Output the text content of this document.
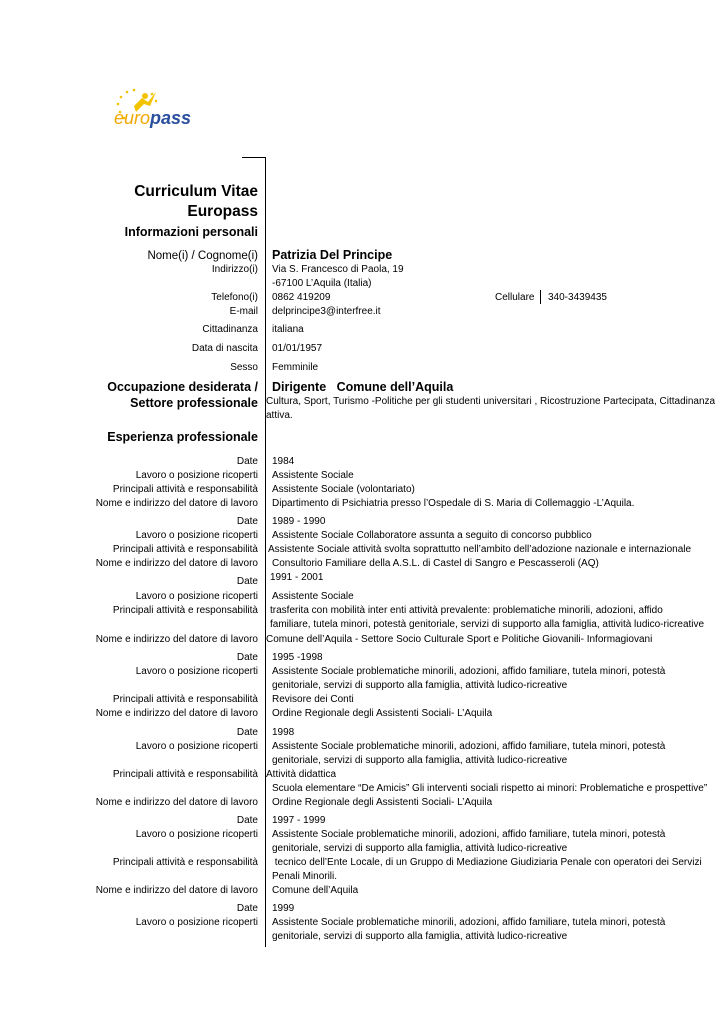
europass
Curriculum Vitae
Europass
Informazioni personali
Nome(i) / Cognome(i) Patrizia Del Principe
Indirizzo(i) Via S. Francesco di Paola, 19
-67100 L’Aquila (Italia)
Telefono(i) 0862 419209	Cellulare 340-3439435
E-mail delprincipe3@interfree.it
Cittadinanza italiana
Data di nascita 01/01/1957
Sesso Femminile
Occupazione desiderata /
Settore professionale
Dirigente   Comune dell’Aquila
Cultura, Sport, Turismo -Politiche per gli studenti universitari , Ricostruzione Partecipata, Cittadinanza
attiva.
Esperienza professionale
Date 1984
Lavoro o posizione ricoperti Assistente Sociale
Principali attività e responsabilità Assistente Sociale (volontariato)
Nome e indirizzo del datore di lavoro Dipartimento di Psichiatria presso l’Ospedale di S. Maria di Collemaggio -L’Aquila.
Date 1989 - 1990
Lavoro o posizione ricoperti Assistente Sociale Collaboratore assunta a seguito di concorso pubblico
Principali attività e responsabilità Assistente Sociale attività svolta soprattutto nell’ambito dell’adozione nazionale e internazionale
Nome e indirizzo del datore di lavoro Consultorio Familiare della A.S.L. di Castel di Sangro e Pescasseroli (AQ)
Date 1991 - 2001
Lavoro o posizione ricoperti Assistente Sociale
Principali attività e responsabilità trasferita con mobilità inter enti attività prevalente: problematiche minorili, adozioni, affido
familiare, tutela minori, potestà genitoriale, servizi di supporto alla famiglia, attività ludico-ricreative
Nome e indirizzo del datore di lavoro Comune dell’Aquila - Settore Socio Culturale Sport e Politiche Giovanili- Informagiovani
Date 1995 -1998
Lavoro o posizione ricoperti Assistente Sociale problematiche minorili, adozioni, affido familiare, tutela minori, potestà
genitoriale, servizi di supporto alla famiglia, attività ludico-ricreative
Principali attività e responsabilità Revisore dei Conti
Nome e indirizzo del datore di lavoro Ordine Regionale degli Assistenti Sociali- L’Aquila
Date 1998
Lavoro o posizione ricoperti Assistente Sociale problematiche minorili, adozioni, affido familiare, tutela minori, potestà
genitoriale, servizi di supporto alla famiglia, attività ludico-ricreative
Principali attività e responsabilità Attività didattica
Scuola elementare “De Amicis” Gli interventi sociali rispetto ai minori: Problematiche e prospettive”
Nome e indirizzo del datore di lavoro Ordine Regionale degli Assistenti Sociali- L’Aquila
Date 1997 - 1999
Lavoro o posizione ricoperti Assistente Sociale problematiche minorili, adozioni, affido familiare, tutela minori, potestà
genitoriale, servizi di supporto alla famiglia, attività ludico-ricreative
Principali attività e responsabilità tecnico dell’Ente Locale, di un Gruppo di Mediazione Giudiziaria Penale con operatori dei Servizi
Penali Minorili.
Nome e indirizzo del datore di lavoro Comune dell’Aquila
Date 1999
Lavoro o posizione ricoperti Assistente Sociale problematiche minorili, adozioni, affido familiare, tutela minori, potestà
genitoriale, servizi di supporto alla famiglia, attività ludico-ricreative
